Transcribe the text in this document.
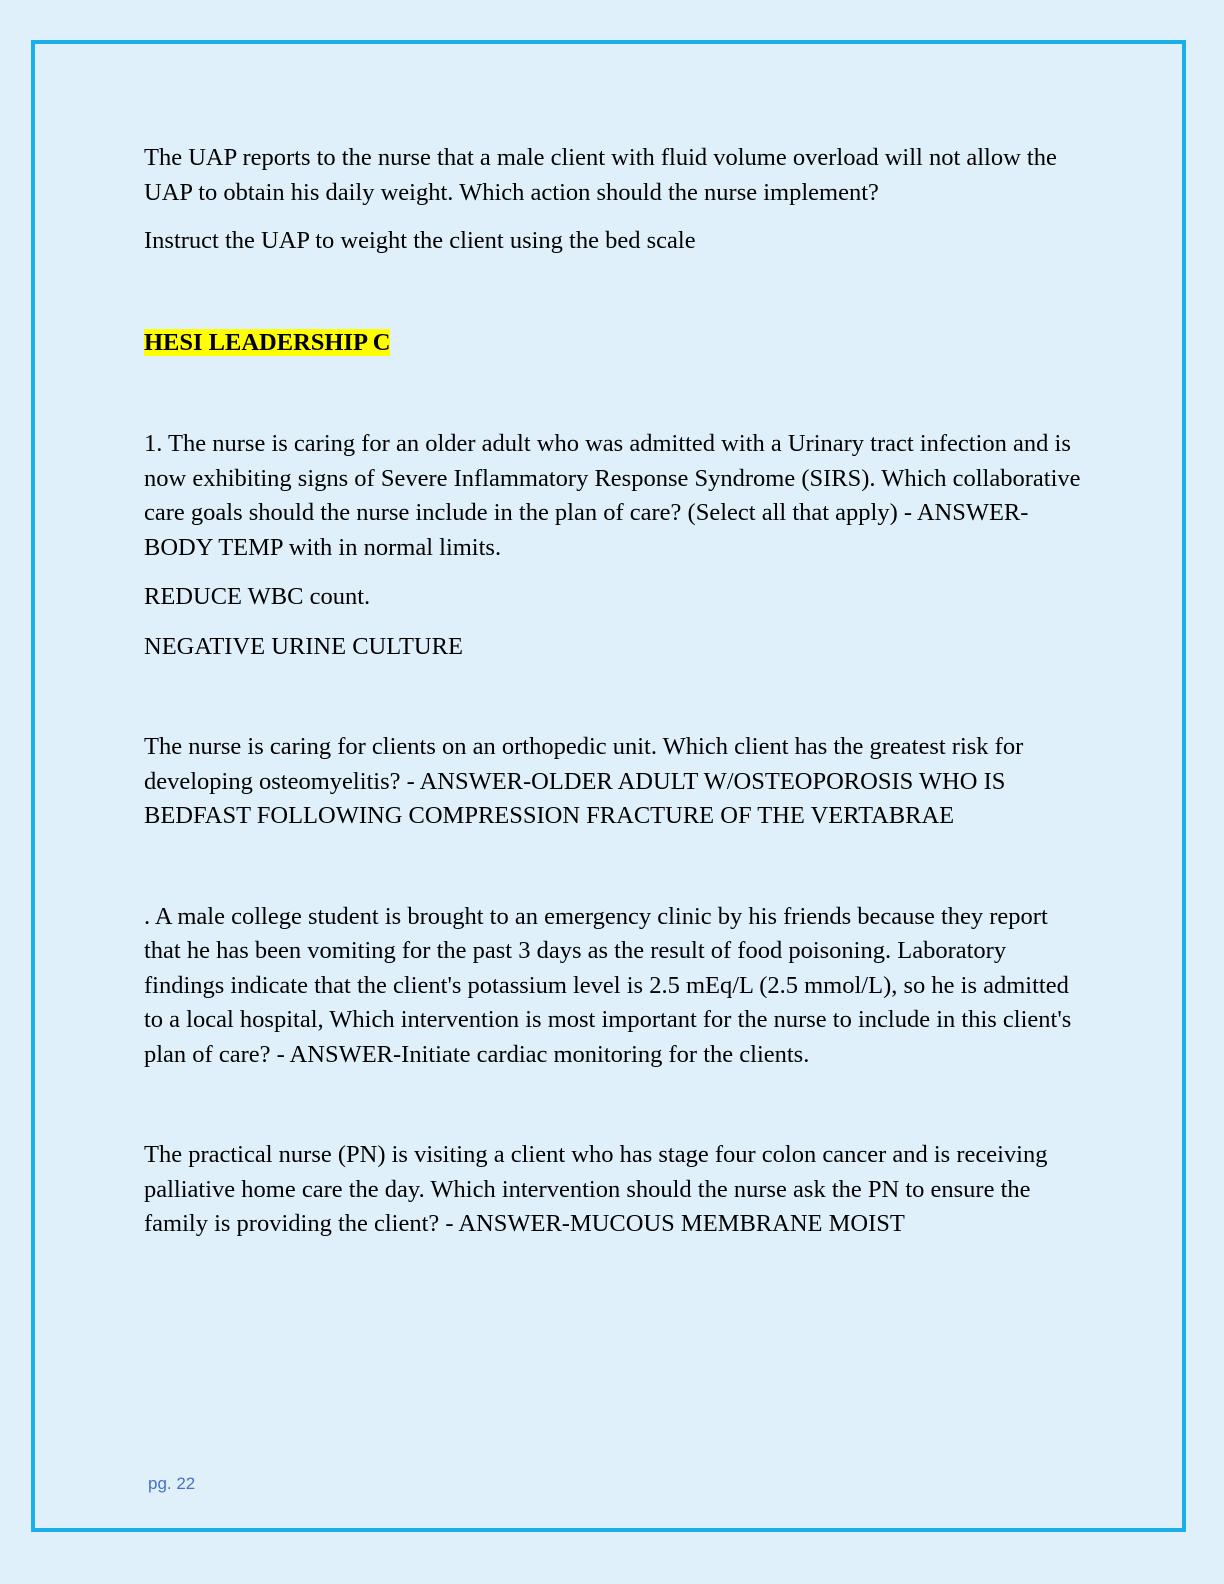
The UAP reports to the nurse that a male client with fluid volume overload will not allow the UAP to obtain his daily weight. Which action should the nurse implement?

Instruct the UAP to weight the client using the bed scale

HESI LEADERSHIP C

1. The nurse is caring for an older adult who was admitted with a Urinary tract infection and is now exhibiting signs of Severe Inflammatory Response Syndrome (SIRS). Which collaborative care goals should the nurse include in the plan of care? (Select all that apply) - ANSWER-BODY TEMP with in normal limits.

REDUCE WBC count.

NEGATIVE URINE CULTURE

The nurse is caring for clients on an orthopedic unit. Which client has the greatest risk for developing osteomyelitis? - ANSWER-OLDER ADULT W/OSTEOPOROSIS WHO IS BEDFAST FOLLOWING COMPRESSION FRACTURE OF THE VERTABRAE

. A male college student is brought to an emergency clinic by his friends because they report that he has been vomiting for the past 3 days as the result of food poisoning. Laboratory findings indicate that the client's potassium level is 2.5 mEq/L (2.5 mmol/L), so he is admitted to a local hospital, Which intervention is most important for the nurse to include in this client's plan of care? - ANSWER-Initiate cardiac monitoring for the clients.

The practical nurse (PN) is visiting a client who has stage four colon cancer and is receiving palliative home care the day. Which intervention should the nurse ask the PN to ensure the family is providing the client? - ANSWER-MUCOUS MEMBRANE MOIST

pg. 22
